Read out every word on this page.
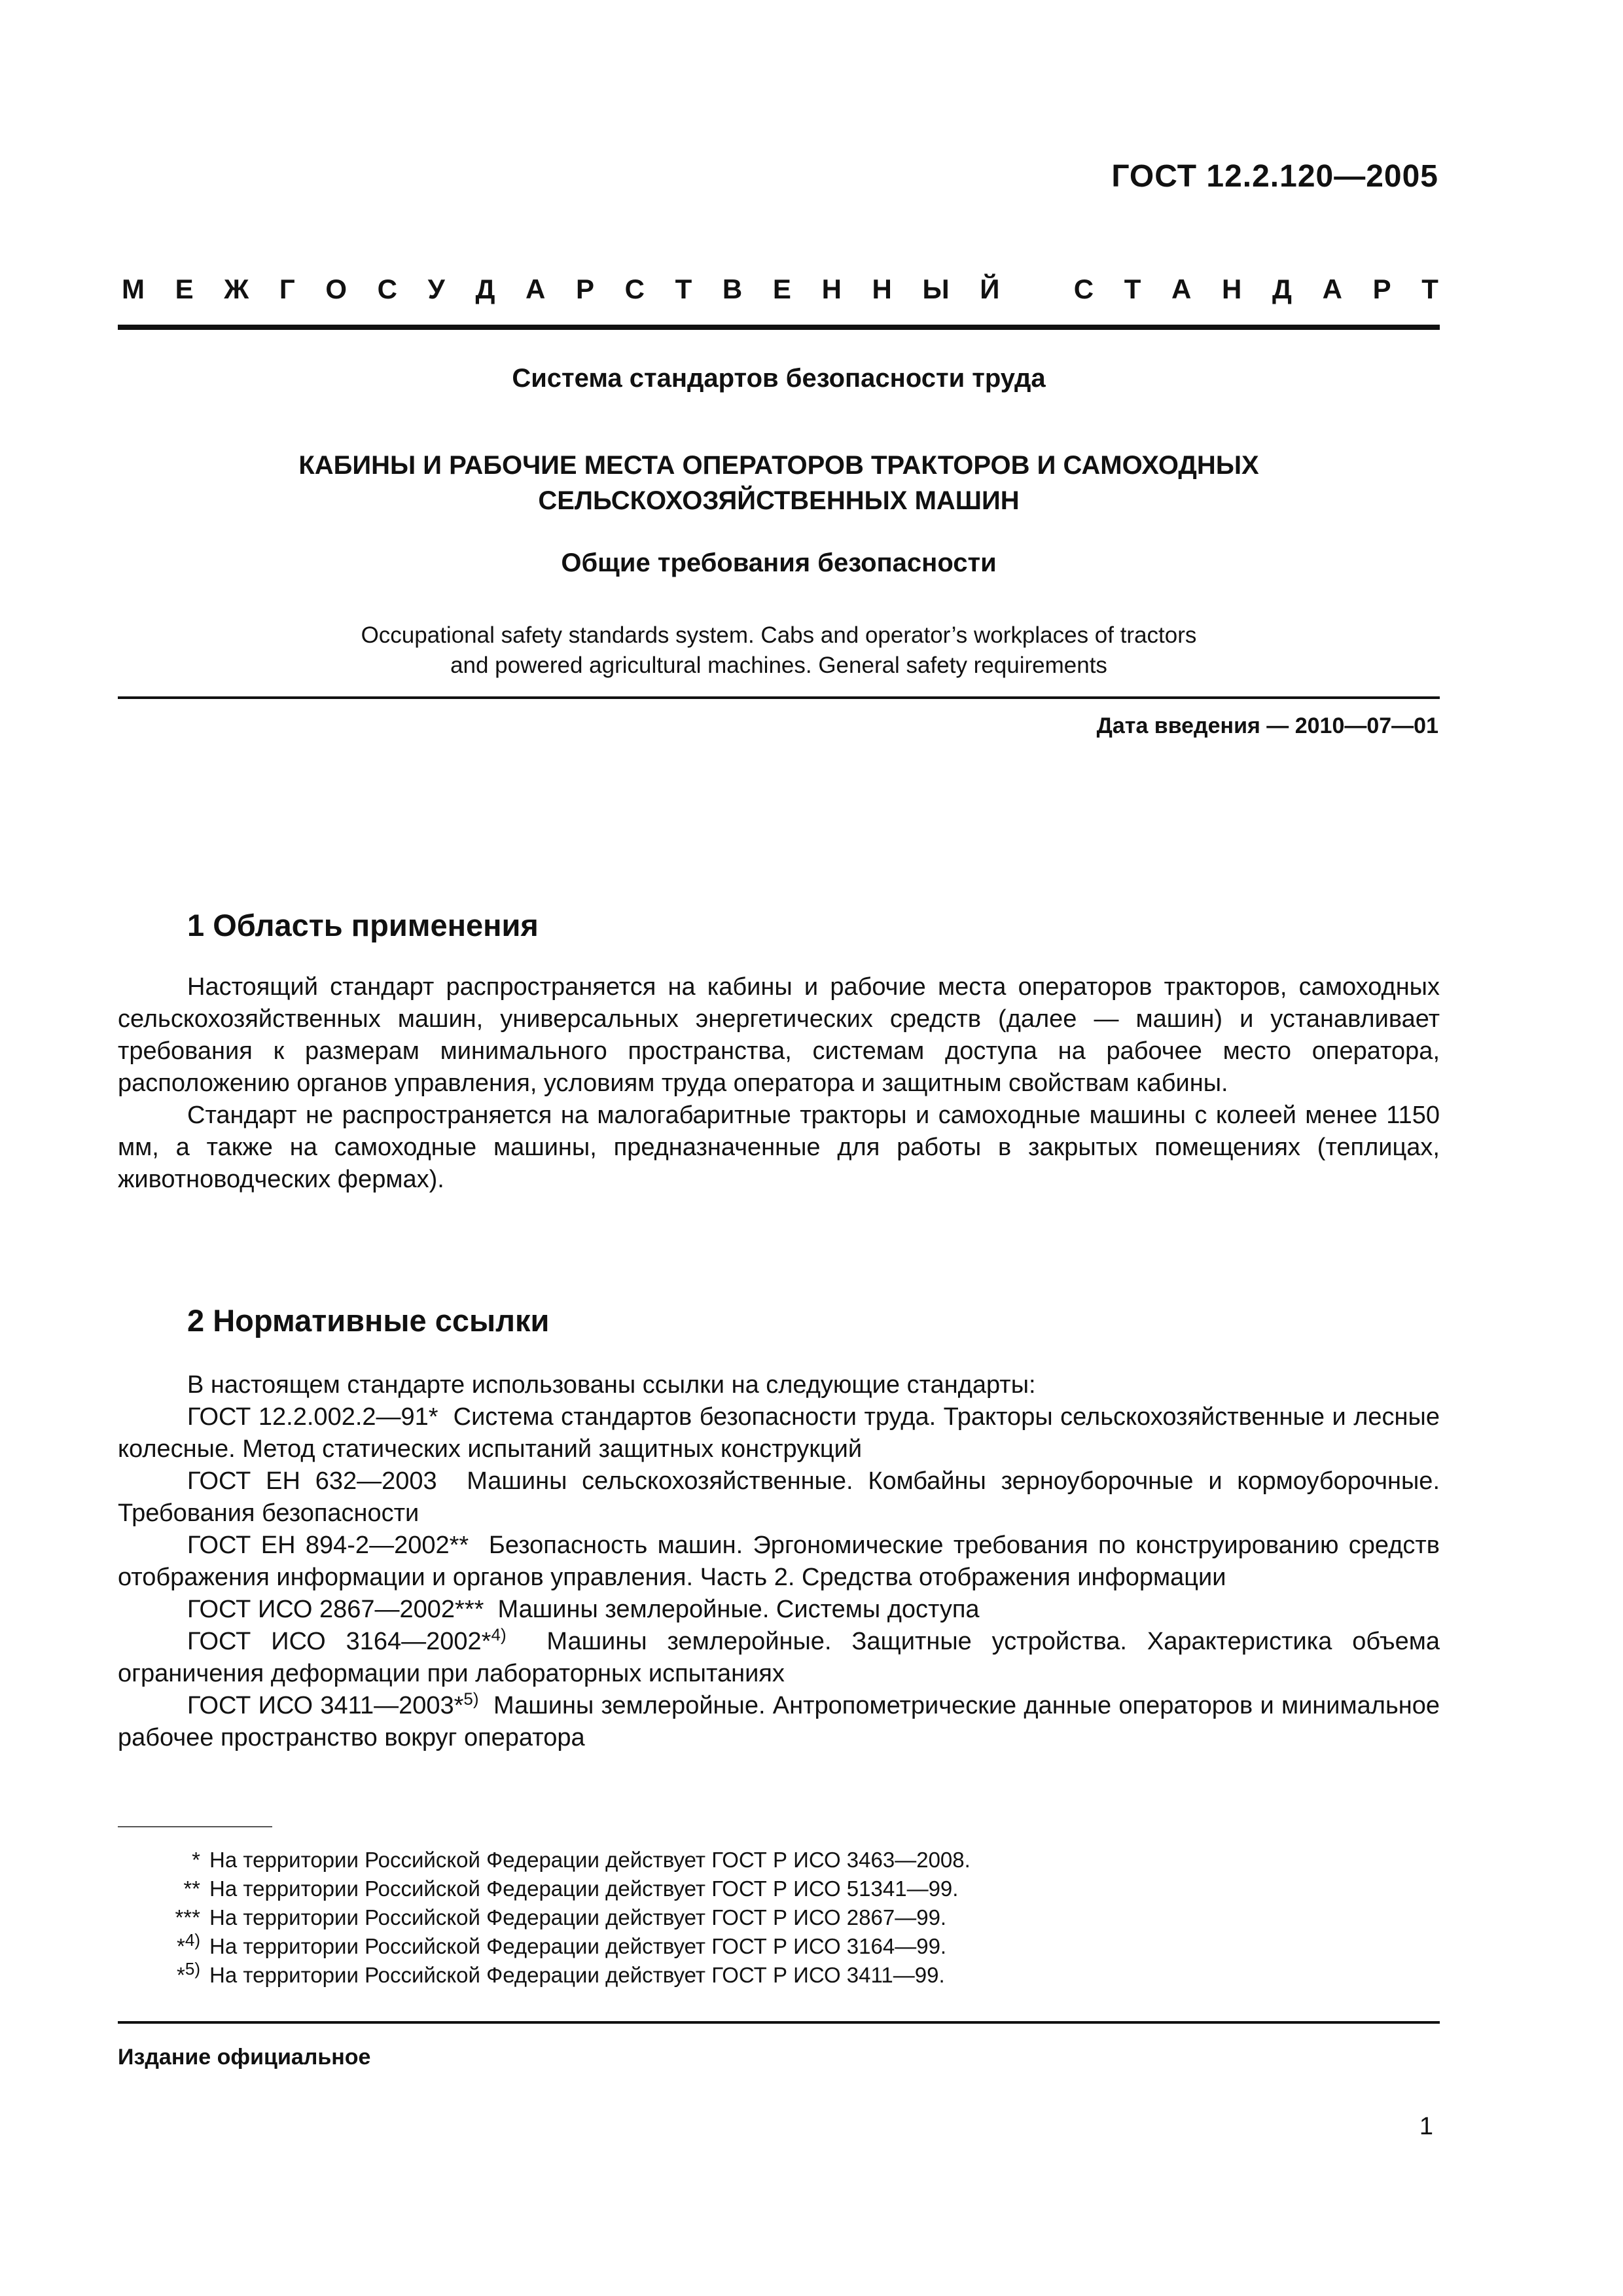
ГОСТ 12.2.120—2005
М Е Ж Г О С У Д А Р С Т В Е Н Н Ы Й	С Т А Н Д А Р Т
Система стандартов безопасности труда
КАБИНЫ И РАБОЧИЕ МЕСТА ОПЕРАТОРОВ ТРАКТОРОВ И САМОХОДНЫХ
СЕЛЬСКОХОЗЯЙСТВЕННЫХ МАШИН
Общие требования безопасности
Occupational safety standards system. Cabs and operator’s workplaces of tractors
and powered agricultural machines. General safety requirements
Дата введения — 2010—07—01
1 Область применения

Настоящий стандарт распространяется на кабины и рабочие места операторов тракторов, самоходных сельскохозяйственных машин, универсальных энергетических средств (далее — машин) и устанавливает требования к размерам минимального пространства, системам доступа на рабочее место оператора, расположению органов управления, условиям труда оператора и защитным свойствам кабины.

Стандарт не распространяется на малогабаритные тракторы и самоходные машины с колеей менее 1150 мм, а также на самоходные машины, предназначенные для работы в закрытых помещениях (теплицах, животноводческих фермах).

2 Нормативные ссылки

В настоящем стандарте использованы ссылки на следующие стандарты:

ГОСТ 12.2.002.2—91* Система стандартов безопасности труда. Тракторы сельскохозяйственные и лесные колесные. Метод статических испытаний защитных конструкций

ГОСТ ЕН 632—2003 Машины сельскохозяйственные. Комбайны зерноуборочные и кормоуборочные. Требования безопасности

ГОСТ ЕН 894-2—2002** Безопасность машин. Эргономические требования по конструированию средств отображения информации и органов управления. Часть 2. Средства отображения информации

ГОСТ ИСО 2867—2002*** Машины землеройные. Системы доступа

ГОСТ ИСО 3164—2002*$^{4)}$ Машины землеройные. Защитные устройства. Характеристика объема ограничения деформации при лабораторных испытаниях

ГОСТ ИСО 3411—2003*$^{5)}$ Машины землеройные. Антропометрические данные операторов и минимальное рабочее пространство вокруг оператора

* На территории Российской Федерации действует ГОСТ Р ИСО 3463—2008.
** На территории Российской Федерации действует ГОСТ Р ИСО 51341—99.
*** На территории Российской Федерации действует ГОСТ Р ИСО 2867—99.
*$^{4)}$ На территории Российской Федерации действует ГОСТ Р ИСО 3164—99.
*$^{5)}$ На территории Российской Федерации действует ГОСТ Р ИСО 3411—99.
Издание официальное
1
